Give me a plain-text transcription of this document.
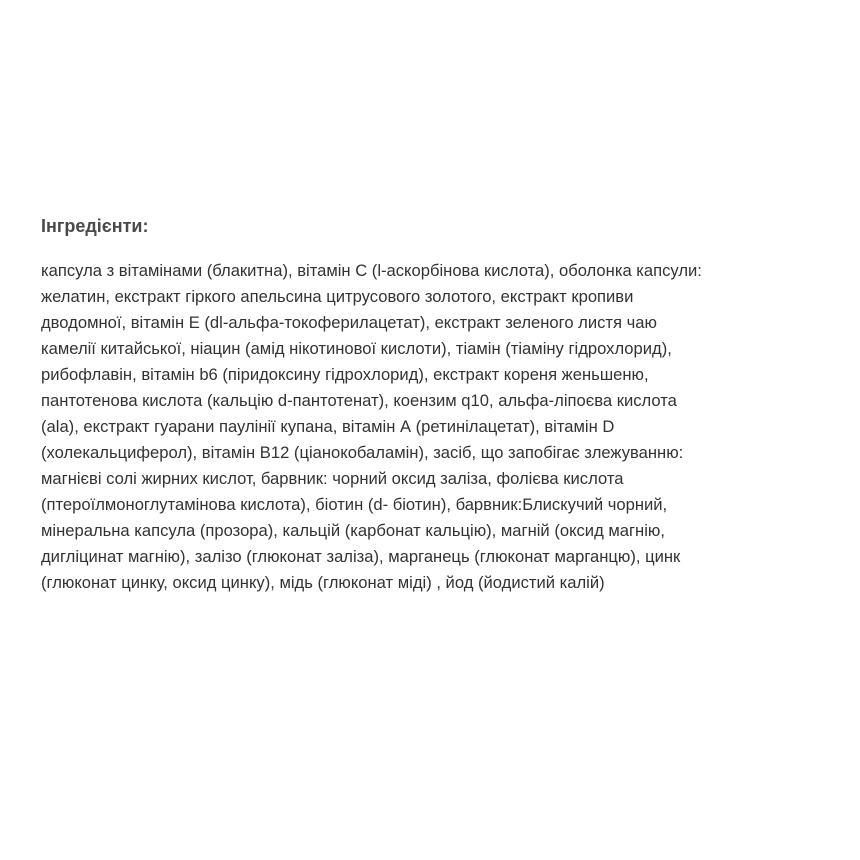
Інгредієнти:
капсула з вітамінами (блакитна), вітамін С (l-аскорбінова кислота), оболонка капсули:
желатин, екстракт гіркого апельсина цитрусового золотого, екстракт кропиви
дводомної, вітамін Е (dl-альфа-токоферилацетат), екстракт зеленого листя чаю
камелії китайської, ніацин (амід нікотинової кислоти), тіамін (тіаміну гідрохлорид),
рибофлавін, вітамін b6 (піридоксину гідрохлорид), екстракт кореня женьшеню,
пантотенова кислота (кальцію d-пантотенат), коензим q10, альфа-ліпоєва кислота
(ala), екстракт гуарани паулінії купана, вітамін А (ретинілацетат), вітамін D
(холекальциферол), вітамін В12 (ціанокобаламін), засіб, що запобігає злежуванню:
магнієві солі жирних кислот, барвник: чорний оксид заліза, фолієва кислота
(птероїлмоноглутамінова кислота), біотин (d- біотин), барвник:Блискучий чорний,
мінеральна капсула (прозора), кальцій (карбонат кальцію), магній (оксид магнію,
дигліцинат магнію), залізо (глюконат заліза), марганець (глюконат марганцю), цинк
(глюконат цинку, оксид цинку), мідь (глюконат міді) , йод (йодистий калій)
